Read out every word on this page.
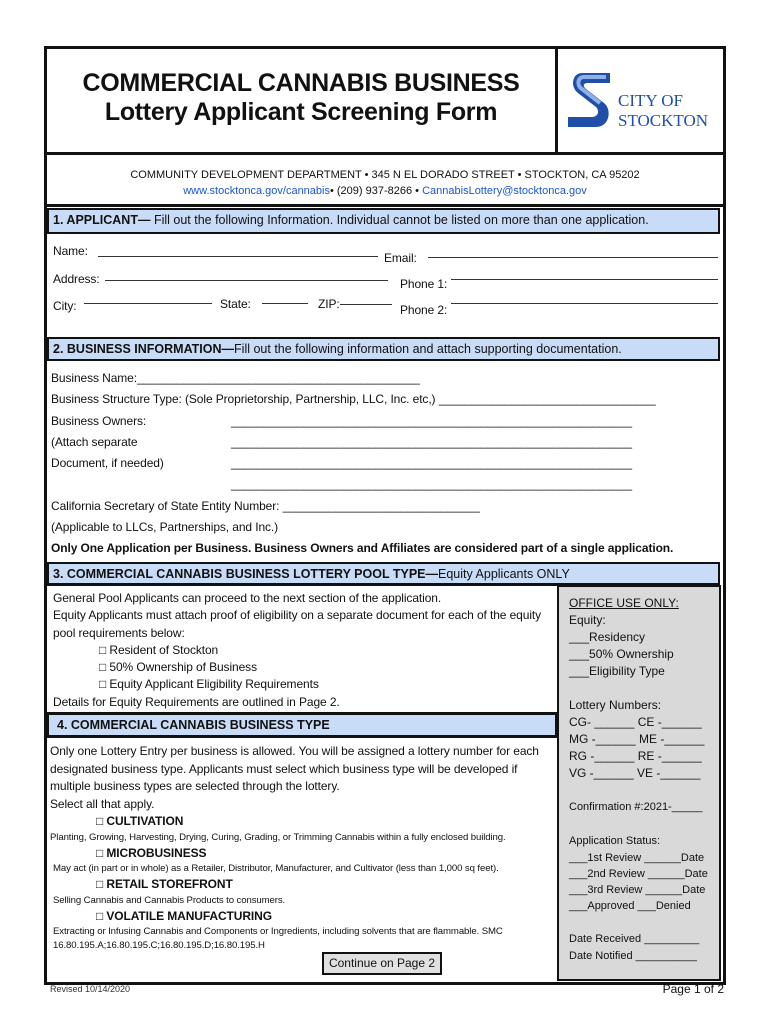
COMMERCIAL CANNABIS BUSINESS
Lottery Applicant Screening Form	CITY OF
STOCKTON
COMMUNITY DEVELOPMENT DEPARTMENT • 345 N EL DORADO STREET • STOCKTON, CA 95202
www.stocktonca.gov/cannabis• (209) 937-8266 • CannabisLottery@stocktonca.gov
1. APPLICANT— Fill out the following Information. Individual cannot be listed on more than one application.
Name:	Email:
Address:	Phone 1:
City:	State:	ZIP:	Phone 2:
2. BUSINESS INFORMATION—Fill out the following information and attach supporting documentation.
Business Name:___________________________________________
Business Structure Type: (Sole Proprietorship, Partnership, LLC, Inc. etc,) _________________________________
Business Owners:
(Attach separate
Document, if needed)

_____________________________________________________________
_____________________________________________________________
_____________________________________________________________
_____________________________________________________________
California Secretary of State Entity Number: ______________________________
(Applicable to LLCs, Partnerships, and Inc.)
Only One Application per Business. Business Owners and Affiliates are considered part of a single application.
3. COMMERCIAL CANNABIS BUSINESS LOTTERY POOL TYPE—Equity Applicants ONLY
General Pool Applicants can proceed to the next section of the application.
Equity Applicants must attach proof of eligibility on a separate document for each of the equity pool requirements below:
□ Resident of Stockton
□ 50% Ownership of Business
□ Equity Applicant Eligibility Requirements
Details for Equity Requirements are outlined in Page 2.
4. COMMERCIAL CANNABIS BUSINESS TYPE
Only one Lottery Entry per business is allowed. You will be assigned a lottery number for each designated business type. Applicants must select which business type will be developed if multiple business types are selected through the lottery.
Select all that apply.
□ CULTIVATION
Planting, Growing, Harvesting, Drying, Curing, Grading, or Trimming Cannabis within a fully enclosed building.
□ MICROBUSINESS
May act (in part or in whole) as a Retailer, Distributor, Manufacturer, and Cultivator (less than 1,000 sq feet).
□ RETAIL STOREFRONT
Selling Cannabis and Cannabis Products to consumers.
□ VOLATILE MANUFACTURING
Extracting or Infusing Cannabis and Components or Ingredients, including solvents that are flammable. SMC 16.80.195.A;16.80.195.C;16.80.195.D;16.80.195.H
Continue on Page 2
OFFICE USE ONLY:
Equity:
___Residency
___50% Ownership
___Eligibility Type
Lottery Numbers:
CG- ______ CE -______
MG -______ ME -______
RG -______ RE -______
VG -______ VE -______
Confirmation #:2021-_____
Application Status:
___1st Review ______Date
___2nd Review ______Date
___3rd Review ______Date
___Approved ___Denied
Date Received _________
Date Notified __________
Revised 10/14/2020	Page 1 of 2
